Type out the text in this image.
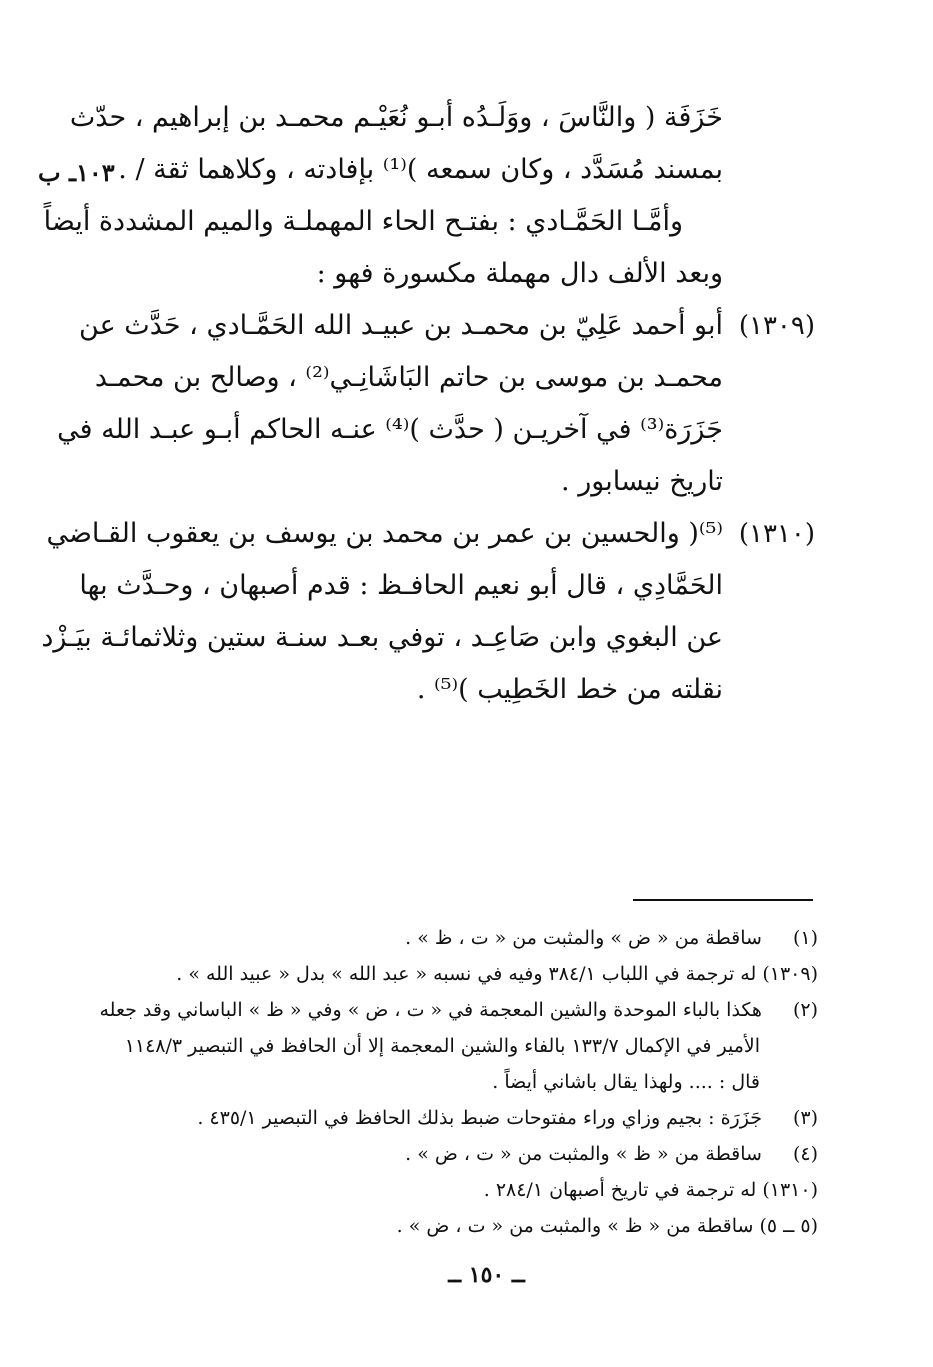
١٠٣ـ ب
خَزَفَة ( والنَّاسَ ، ووَلَـدُه أبـو نُعَيْـم محمـد بن إبراهيم ، حدّث
بمسند مُسَدَّد ، وكان سمعه )⁽¹⁾ بإفادته ، وكلاهما ثقة / .
وأمَّـا الحَمَّـادي : بفتـح الحاء المهملـة والميم المشددة أيضاً
وبعد الألف دال مهملة مكسورة فهو :
(١٣٠٩)
أبو أحمد عَلِيّ بن محمـد بن عبيـد الله الحَمَّـادي ، حَدَّث عن
محمـد بن موسى بن حاتم البَاشَانِـي⁽²⁾ ، وصالح بن محمـد
جَزَرَة⁽³⁾ في آخريـن ( حدَّث )⁽⁴⁾ عنـه الحاكم أبـو عبـد الله في
تاريخ نيسابور .
(١٣١٠)
⁽⁵⁾( والحسين بن عمر بن محمد بن يوسف بن يعقوب القـاضي
الحَمَّادِي ، قال أبو نعيم الحافـظ : قدم أصبهان ، وحـدَّث بها
عن البغوي وابن صَاعِـد ، توفي بعـد سنـة ستين وثلاثمائـة بيَـزْد
نقلته من خط الخَطِيب )⁽⁵⁾ .
(١) ساقطة من « ض » والمثبت من « ت ، ظ » .
(١٣٠٩) له ترجمة في اللباب ٣٨٤/١ وفيه في نسبه « عبد الله » بدل « عبيد الله » .
(٢) هكذا بالباء الموحدة والشين المعجمة في « ت ، ض » وفي « ظ » الباساني وقد جعله
الأمير في الإكمال ١٣٣/٧ بالفاء والشين المعجمة إلا أن الحافظ في التبصير ١١٤٨/٣
قال : .... ولهذا يقال باشاني أيضاً .
(٣) جَزَرَة : بجيم وزاي وراء مفتوحات ضبط بذلك الحافظ في التبصير ٤٣٥/١ .
(٤) ساقطة من « ظ » والمثبت من « ت ، ض » .
(١٣١٠) له ترجمة في تاريخ أصبهان ٢٨٤/١ .
(٥ ــ ٥) ساقطة من « ظ » والمثبت من « ت ، ض » .
ــ ١٥٠ ــ
